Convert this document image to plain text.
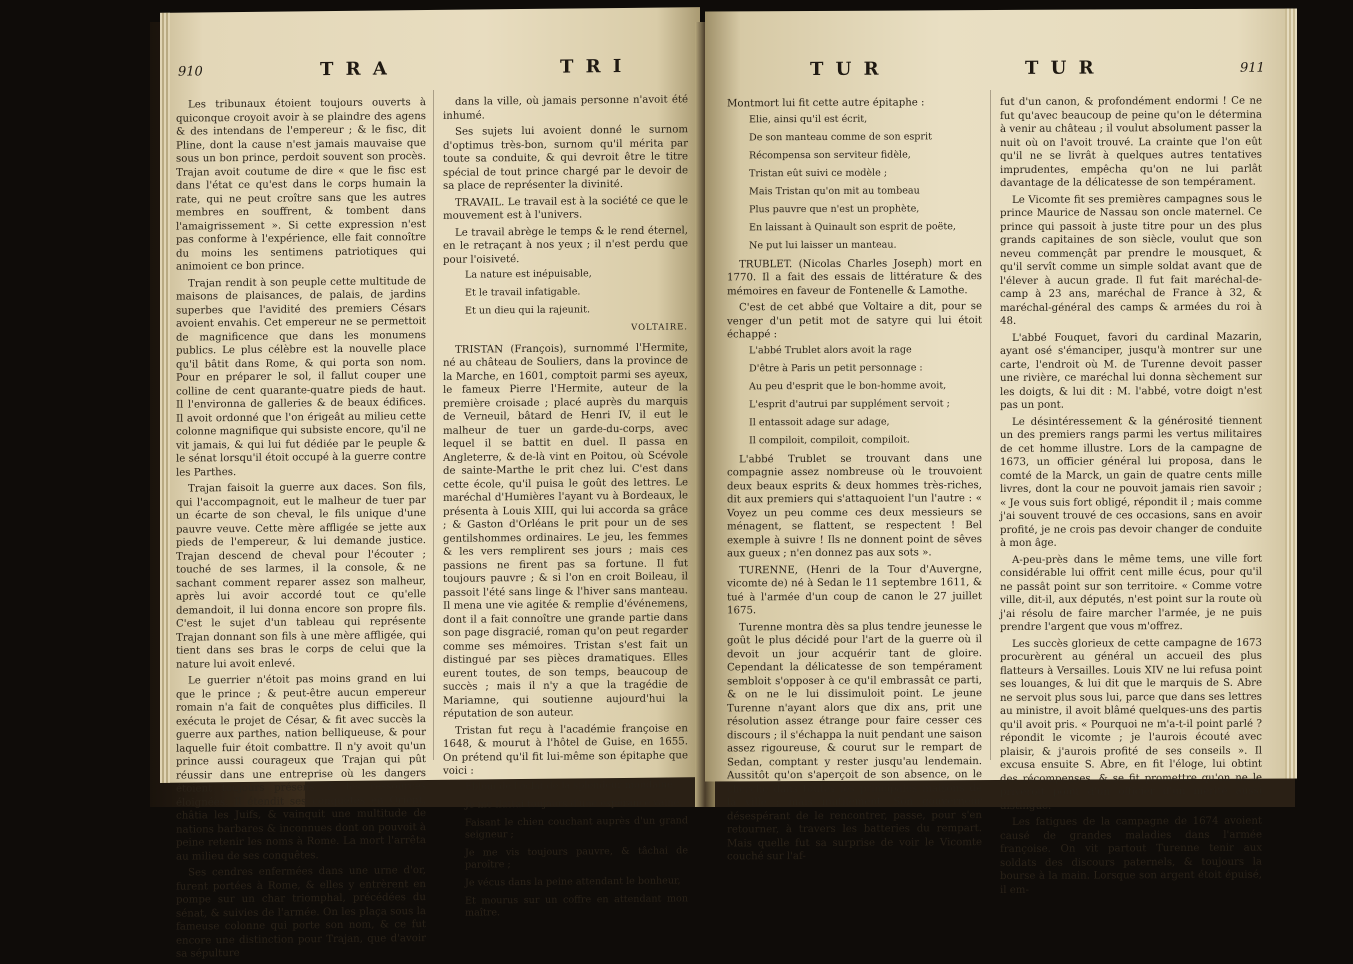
910	T R A	T R I

Les tribunaux étoient toujours ouverts à quiconque croyoit avoir à se plaindre des agens & des intendans de l'empereur ; & le fisc, dit Pline, dont la cause n'est jamais mauvaise que sous un bon prince, perdoit souvent son procès. Trajan avoit coutume de dire « que le fisc est dans l'état ce qu'est dans le corps humain la rate, qui ne peut croître sans que les autres membres en souffrent, & tombent dans l'amaigrissement ». Si cette expression n'est pas conforme à l'expérience, elle fait connoître du moins les sentimens patriotiques qui animoient ce bon prince.

Trajan rendit à son peuple cette multitude de maisons de plaisances, de palais, de jardins superbes que l'avidité des premiers Césars avoient envahis. Cet empereur ne se permettoit de magnificence que dans les monumens publics. Le plus célèbre est la nouvelle place qu'il bâtit dans Rome, & qui porta son nom. Pour en préparer le sol, il fallut couper une colline de cent quarante-quatre pieds de haut. Il l'environna de galleries & de beaux édifices. Il avoit ordonné que l'on érigeât au milieu cette colonne magnifique qui subsiste encore, qu'il ne vit jamais, & qui lui fut dédiée par le peuple & le sénat lorsqu'il étoit occupé à la guerre contre les Parthes.

Trajan faisoit la guerre aux daces. Son fils, qui l'accompagnoit, eut le malheur de tuer par un écarte de son cheval, le fils unique d'une pauvre veuve. Cette mère affligée se jette aux pieds de l'empereur, & lui demande justice. Trajan descend de cheval pour l'écouter ; touché de ses larmes, il la console, & ne sachant comment reparer assez son malheur, après lui avoir accordé tout ce qu'elle demandoit, il lui donna encore son propre fils. C'est le sujet d'un tableau qui représente Trajan donnant son fils à une mère affligée, qui tient dans ses bras le corps de celui que la nature lui avoit enlevé.

Le guerrier n'étoit pas moins grand en lui que le prince ; & peut-être aucun empereur romain n'a fait de conquêtes plus difficiles. Il exécuta le projet de César, & fit avec succès la guerre aux parthes, nation belliqueuse, & pour laquelle fuir étoit combattre. Il n'y avoit qu'un prince aussi courageux que Trajan qui pût réussir dans une entreprise où les dangers étoient toujours présens, & les ressources éloignées. Il étendit ses conquêtes en Orient, châtia les Juifs, & vainquit une multitude de nations barbares & inconnues dont on pouvoit à peine retenir les noms à Rome. La mort l'arrêta au milieu de ses conquêtes.

Ses cendres enfermées dans une urne d'or, furent portées à Rome, & elles y entrèrent en pompe sur un char triomphal, précédées du sénat, & suivies de l'armée. On les plaça sous la fameuse colonne qui porte son nom, & ce fut encore une distinction pour Trajan, que d'avoir sa sépulture

dans la ville, où jamais personne n'avoit été inhumé.

Ses sujets lui avoient donné le surnom d'optimus très-bon, surnom qu'il mérita par toute sa conduite, & qui devroit être le titre spécial de tout prince chargé par le devoir de sa place de représenter la divinité.

TRAVAIL. Le travail est à la société ce que le mouvement est à l'univers.

Le travail abrège le temps & le rend éternel, en le retraçant à nos yeux ; il n'est perdu que pour l'oisiveté.

La nature est inépuisable,

Et le travail infatigable.

Et un dieu qui la rajeunit.

VOLTAIRE.

TRISTAN (François), surnommé l'Hermite, né au château de Souliers, dans la province de la Marche, en 1601, comptoit parmi ses ayeux, le fameux Pierre l'Hermite, auteur de la première croisade ; placé auprès du marquis de Verneuil, bâtard de Henri IV, il eut le malheur de tuer un garde-du-corps, avec lequel il se battit en duel. Il passa en Angleterre, & de-là vint en Poitou, où Scévole de sainte-Marthe le prit chez lui. C'est dans cette école, qu'il puisa le goût des lettres. Le maréchal d'Humières l'ayant vu à Bordeaux, le présenta à Louis XIII, qui lui accorda sa grâce ; & Gaston d'Orléans le prit pour un de ses gentilshommes ordinaires. Le jeu, les femmes & les vers remplirent ses jours ; mais ces passions ne firent pas sa fortune. Il fut toujours pauvre ; & si l'on en croit Boileau, il passoit l'été sans linge & l'hiver sans manteau. Il mena une vie agitée & remplie d'événemens, dont il a fait connoître une grande partie dans son page disgracié, roman qu'on peut regarder comme ses mémoires. Tristan s'est fait un distingué par ses pièces dramatiques. Elles eurent toutes, de son temps, beaucoup de succès ; mais il n'y a que la tragédie de Mariamne, qui soutienne aujourd'hui la réputation de son auteur.

Tristan fut reçu à l'académie françoise en 1648, & mourut à l'hôtel de Guise, en 1655. On prétend qu'il fit lui-même son épitaphe que voici :

Ebloui de l'éclat de la splendeur mondaine,

Je me flattai toujours d'une espérance vaine,

Faisant le chien couchant auprès d'un grand seigneur ;

Je me vis toujours pauvre, & tâchai de paroître ;

Je vécus dans la peine attendant le bonheur,

Et mourus sur un coffre en attendant mon maître.

T U R	T U R	911

Montmort lui fit cette autre épitaphe :

Elie, ainsi qu'il est écrit,

De son manteau comme de son esprit

Récompensa son serviteur fidèle,

Tristan eût suivi ce modèle ;

Mais Tristan qu'on mit au tombeau

Plus pauvre que n'est un prophète,

En laissant à Quinault son esprit de poëte,

Ne put lui laisser un manteau.

TRUBLET. (Nicolas Charles Joseph) mort en 1770. Il a fait des essais de littérature & des mémoires en faveur de Fontenelle & Lamothe.

C'est de cet abbé que Voltaire a dit, pour se venger d'un petit mot de satyre qui lui étoit échappé :

L'abbé Trublet alors avoit la rage

D'être à Paris un petit personnage :

Au peu d'esprit que le bon-homme avoit,

L'esprit d'autrui par supplément servoit ;

Il entassoit adage sur adage,

Il compiloit, compiloit, compiloit.

L'abbé Trublet se trouvant dans une compagnie assez nombreuse où le trouvoient deux beaux esprits & deux hommes très-riches, dit aux premiers qui s'attaquoient l'un l'autre : « Voyez un peu comme ces deux messieurs se ménagent, se flattent, se respectent ! Bel exemple à suivre ! Ils ne donnent point de sêves aux gueux ; n'en donnez pas aux sots ».

TURENNE, (Henri de la Tour d'Auvergne, vicomte de) né à Sedan le 11 septembre 1611, & tué à l'armée d'un coup de canon le 27 juillet 1675.

Turenne montra dès sa plus tendre jeunesse le goût le plus décidé pour l'art de la guerre où il devoit un jour acquérir tant de gloire. Cependant la délicatesse de son tempérament sembloit s'opposer à ce qu'il embrassât ce parti, & on ne le lui dissimuloit point. Le jeune Turenne n'ayant alors que dix ans, prit une résolution assez étrange pour faire cesser ces discours ; il s'échappa la nuit pendant une saison assez rigoureuse, & courut sur le rempart de Sedan, comptant y rester jusqu'au lendemain. Aussitôt qu'on s'aperçoit de son absence, on le cherche dans toutes les principales maisons de la ville ; mais inutilement. Son gouverneur désespérant de le rencontrer, passe, pour s'en retourner, à travers les batteries du rempart. Mais quelle fut sa surprise de voir le Vicomte couché sur l'af-

fut d'un canon, & profondément endormi ! Ce ne fut qu'avec beaucoup de peine qu'on le détermina à venir au château ; il voulut absolument passer la nuit où on l'avoit trouvé. La crainte que l'on eût qu'il ne se livrât à quelques autres tentatives imprudentes, empêcha qu'on ne lui parlât davantage de la délicatesse de son tempérament.

Le Vicomte fit ses premières campagnes sous le prince Maurice de Nassau son oncle maternel. Ce prince qui passoit à juste titre pour un des plus grands capitaines de son siècle, voulut que son neveu commençât par prendre le mousquet, & qu'il servît comme un simple soldat avant que de l'élever à aucun grade. Il fut fait maréchal-de-camp à 23 ans, maréchal de France à 32, & maréchal-général des camps & armées du roi à 48.

L'abbé Fouquet, favori du cardinal Mazarin, ayant osé s'émanciper, jusqu'à montrer sur une carte, l'endroit où M. de Turenne devoit passer une rivière, ce maréchal lui donna sèchement sur les doigts, & lui dit : M. l'abbé, votre doigt n'est pas un pont.

Le désintéressement & la générosité tiennent un des premiers rangs parmi les vertus militaires de cet homme illustre. Lors de la campagne de 1673, un officier général lui proposa, dans le comté de la Marck, un gain de quatre cents mille livres, dont la cour ne pouvoit jamais rien savoir ; « Je vous suis fort obligé, répondit il ; mais comme j'ai souvent trouvé de ces occasions, sans en avoir profité, je ne crois pas devoir changer de conduite à mon âge.

A-peu-près dans le même tems, une ville fort considérable lui offrit cent mille écus, pour qu'il ne passât point sur son territoire. « Comme votre ville, dit-il, aux députés, n'est point sur la route où j'ai résolu de faire marcher l'armée, je ne puis prendre l'argent que vous m'offrez.

Les succès glorieux de cette campagne de 1673 procurèrent au général un accueil des plus flatteurs à Versailles. Louis XIV ne lui refusa point ses louanges, & lui dit que le marquis de S. Abre ne servoit plus sous lui, parce que dans ses lettres au ministre, il avoit blâmé quelques-uns des partis qu'il avoit pris. « Pourquoi ne m'a-t-il point parlé ? répondit le vicomte ; je l'aurois écouté avec plaisir, & j'aurois profité de ses conseils ». Il excusa ensuite S. Abre, en fit l'éloge, lui obtint des récompenses, & se fit promettre qu'on ne le priveroit point d'un officier d'un mérite aussi distingué.

Les fatigues de la campagne de 1674 avoient causé de grandes maladies dans l'armée françoise. On vit partout Turenne tenir aux soldats des discours paternels, & toujours la bourse à la main. Lorsque son argent étoit épuisé, il em-
